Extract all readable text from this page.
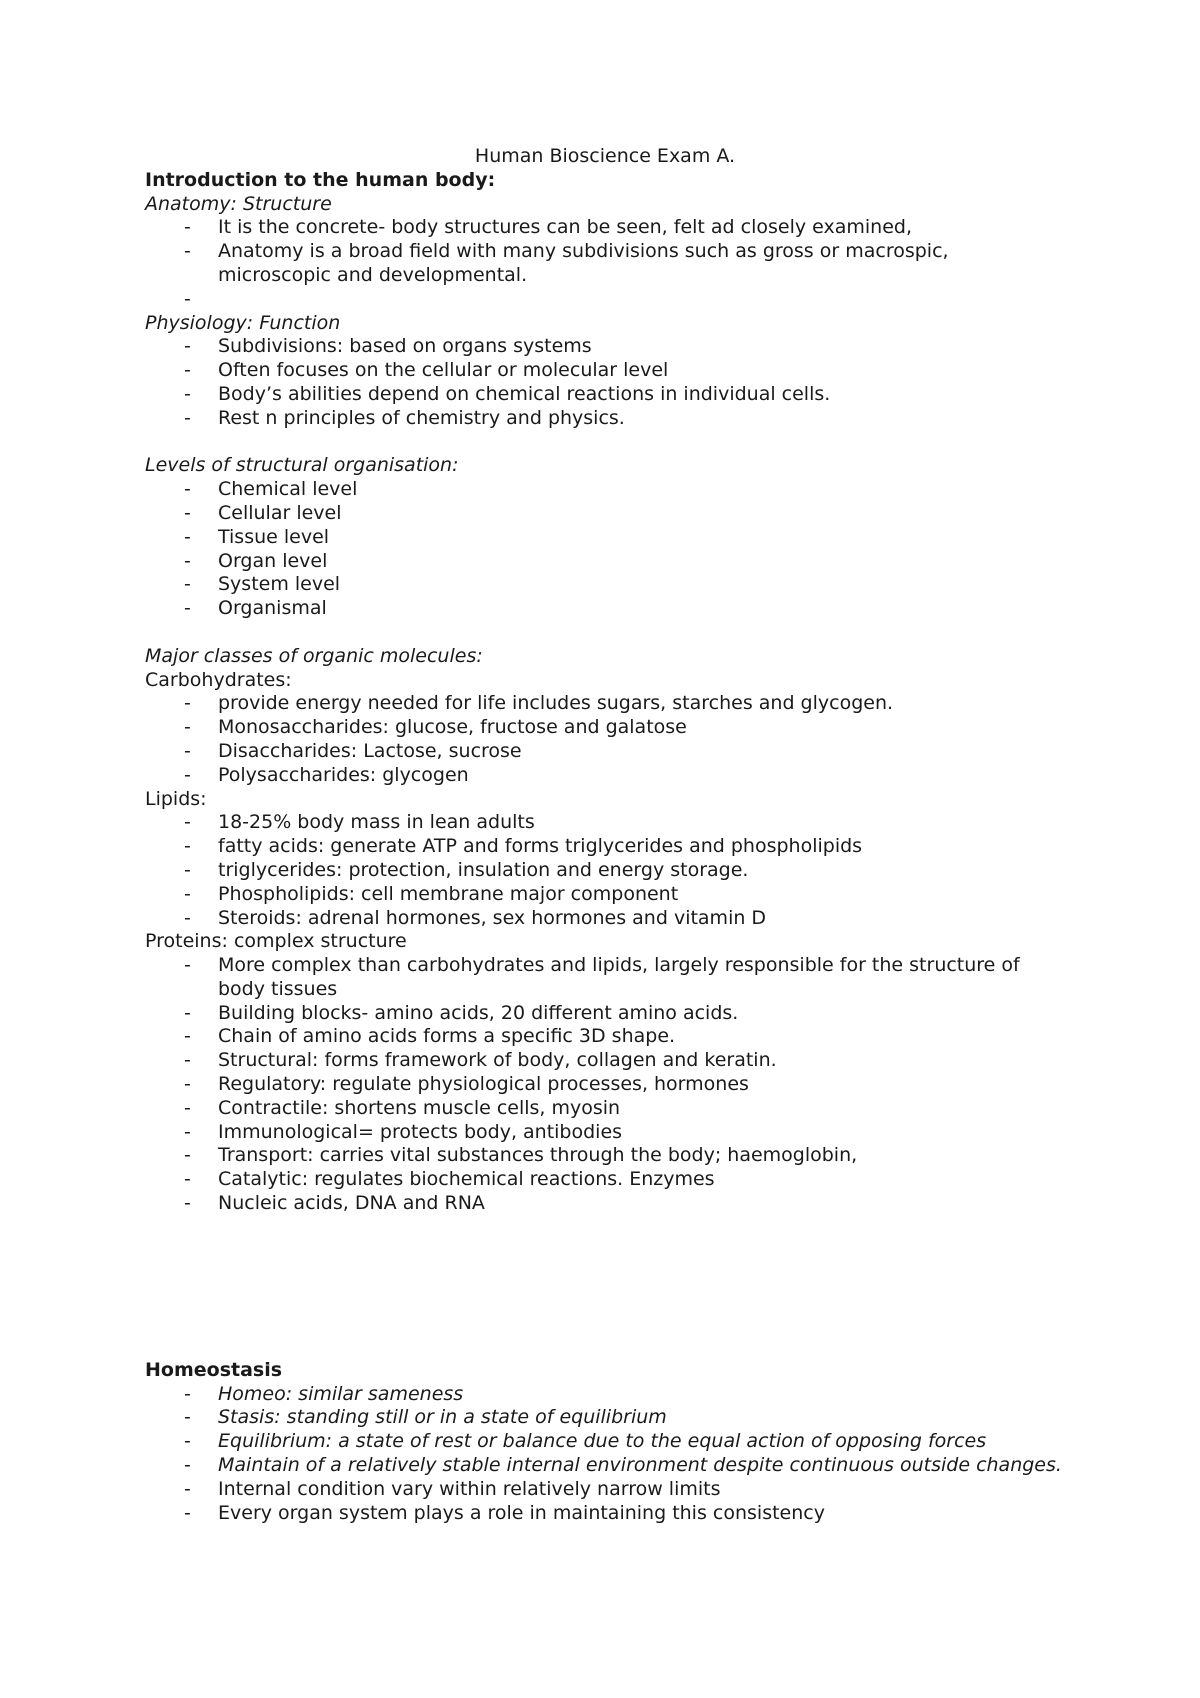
Human Bioscience Exam A.

Introduction to the human body:

Anatomy: Structure

- It is the concrete- body structures can be seen, felt ad closely examined,
- Anatomy is a broad field with many subdivisions such as gross or macrospic, microscopic and developmental.
-

Physiology: Function

- Subdivisions: based on organs systems
- Often focuses on the cellular or molecular level
- Body’s abilities depend on chemical reactions in individual cells.
- Rest n principles of chemistry and physics.

Levels of structural organisation:

- Chemical level
- Cellular level
- Tissue level
- Organ level
- System level
- Organismal

Major classes of organic molecules:

Carbohydrates:

- provide energy needed for life includes sugars, starches and glycogen.
- Monosaccharides: glucose, fructose and galatose
- Disaccharides: Lactose, sucrose
- Polysaccharides: glycogen

Lipids:

- 18-25% body mass in lean adults
- fatty acids: generate ATP and forms triglycerides and phospholipids
- triglycerides: protection, insulation and energy storage.
- Phospholipids: cell membrane major component
- Steroids: adrenal hormones, sex hormones and vitamin D

Proteins: complex structure

- More complex than carbohydrates and lipids, largely responsible for the structure of body tissues
- Building blocks- amino acids, 20 different amino acids.
- Chain of amino acids forms a specific 3D shape.
- Structural: forms framework of body, collagen and keratin.
- Regulatory: regulate physiological processes, hormones
- Contractile: shortens muscle cells, myosin
- Immunological= protects body, antibodies
- Transport: carries vital substances through the body; haemoglobin,
- Catalytic: regulates biochemical reactions. Enzymes
- Nucleic acids, DNA and RNA

Homeostasis

- Homeo: similar sameness
- Stasis: standing still or in a state of equilibrium
- Equilibrium: a state of rest or balance due to the equal action of opposing forces
- Maintain of a relatively stable internal environment despite continuous outside changes.
- Internal condition vary within relatively narrow limits
- Every organ system plays a role in maintaining this consistency
